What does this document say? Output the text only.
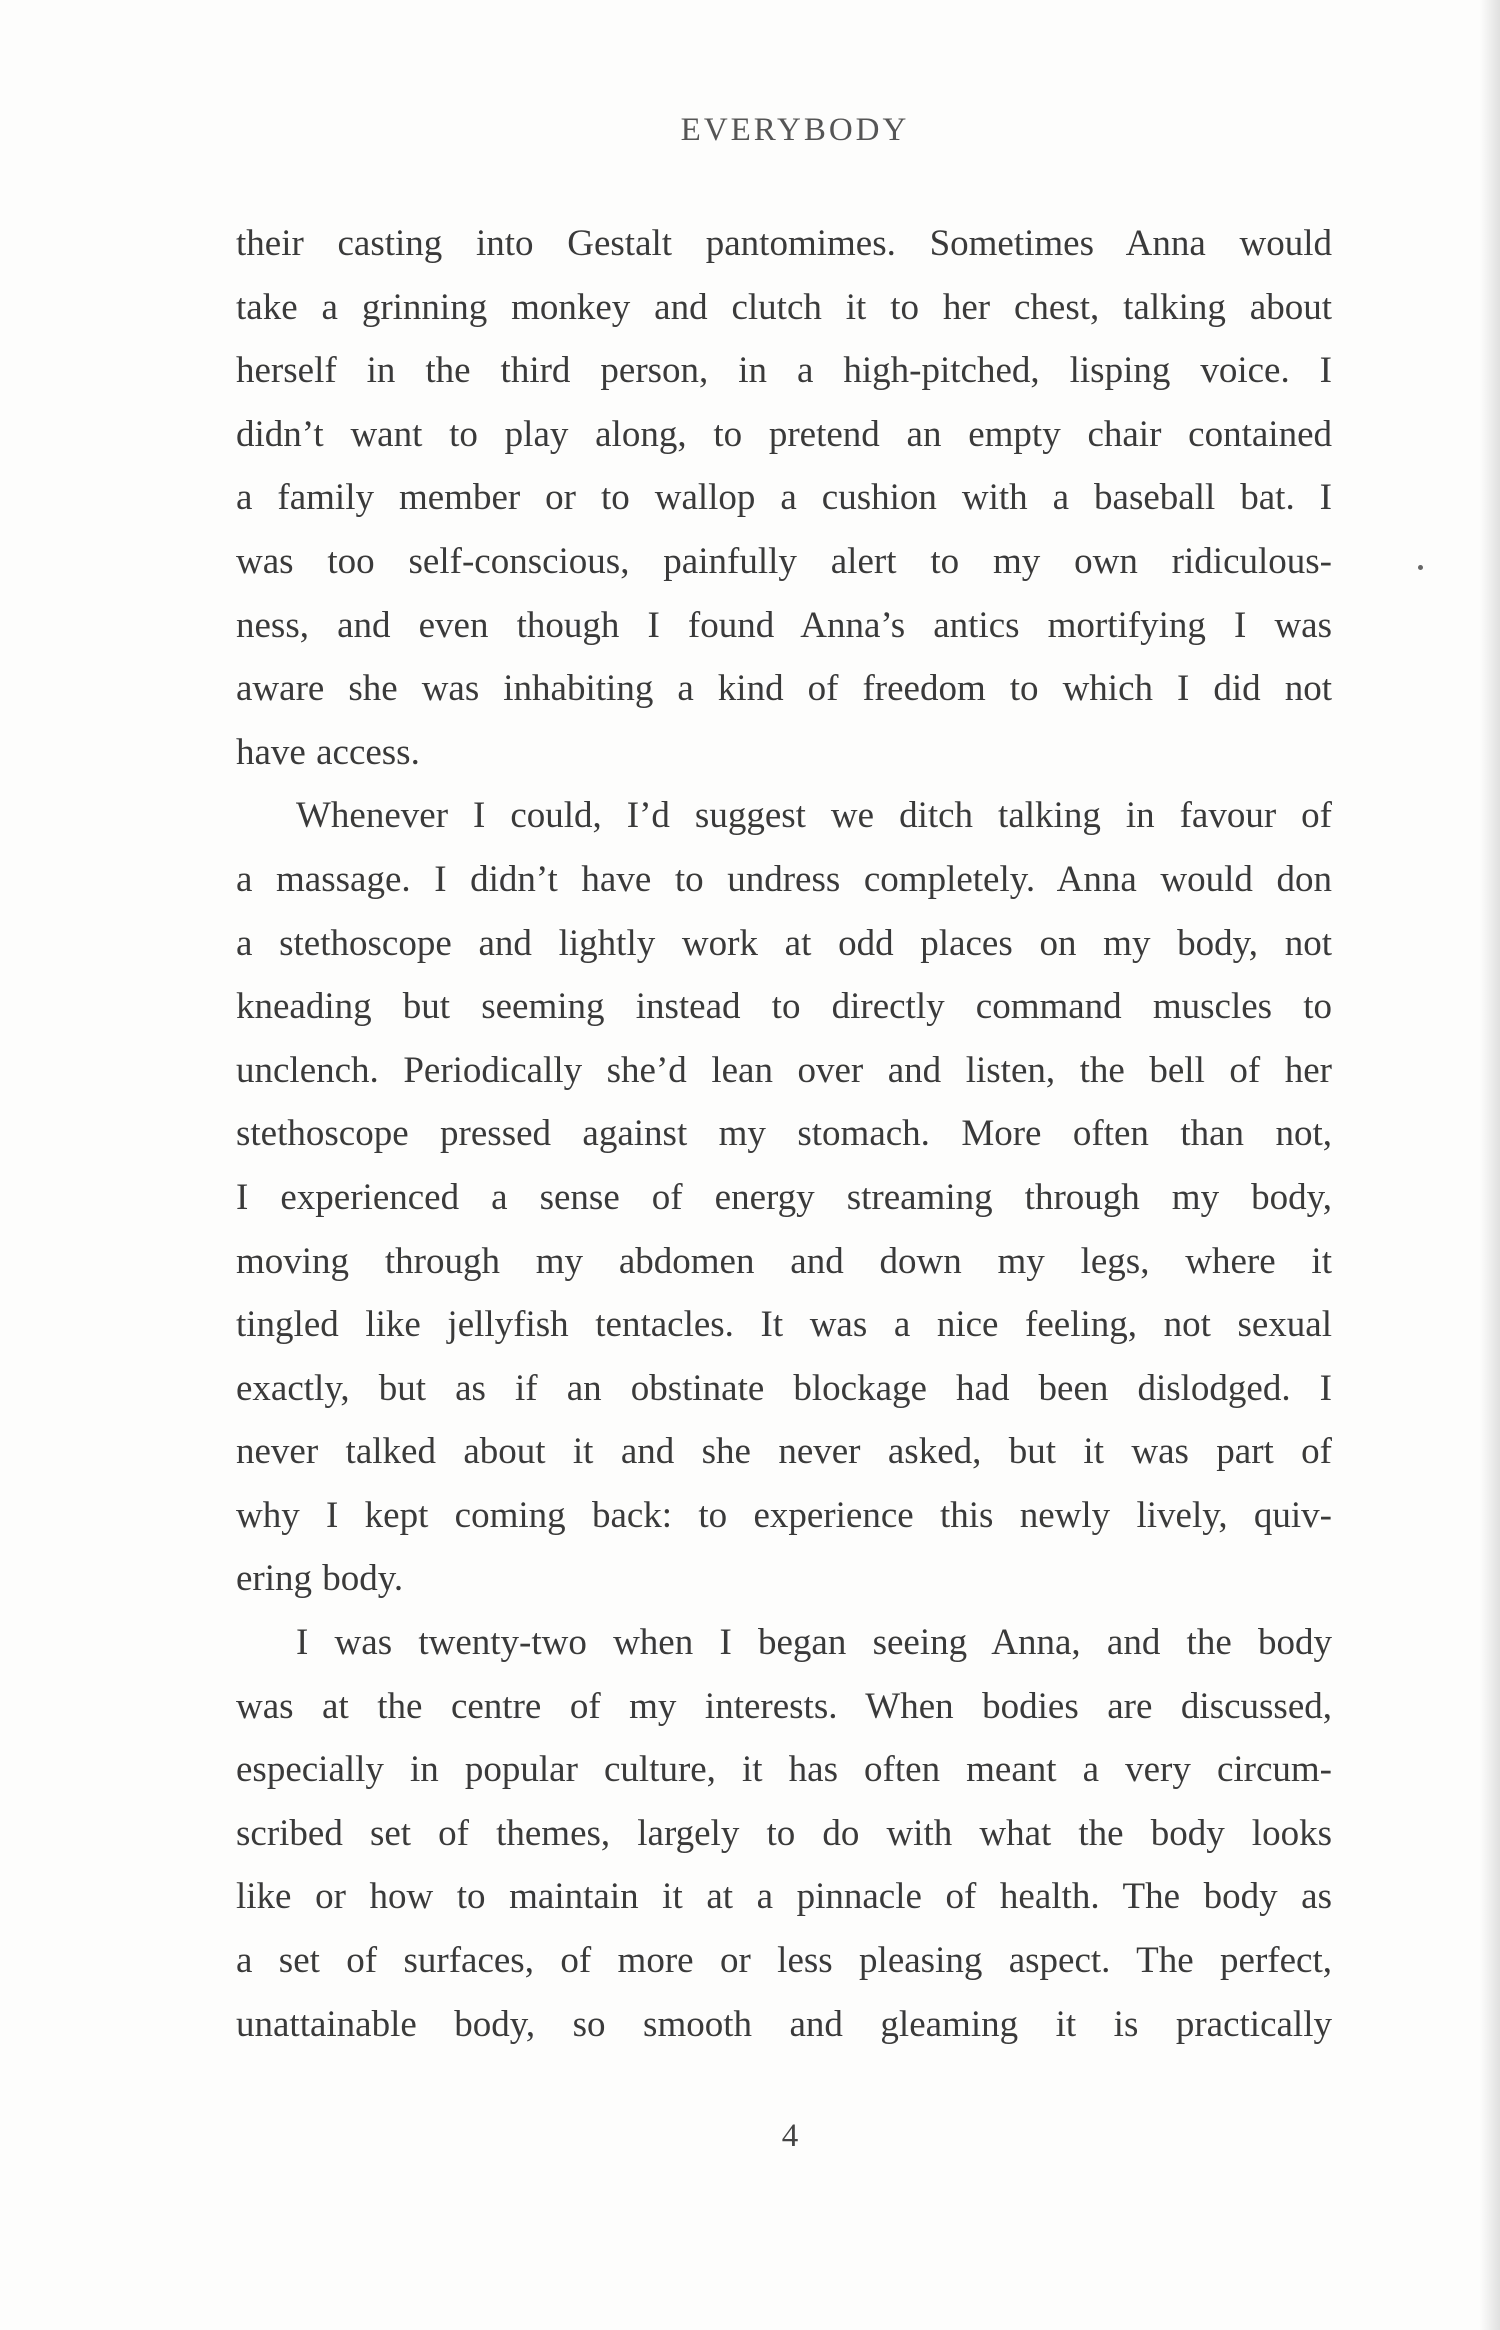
EVERYBODY
their casting into Gestalt pantomimes. Sometimes Anna would
take a grinning monkey and clutch it to her chest, talking about
herself in the third person, in a high-pitched, lisping voice. I
didn’t want to play along, to pretend an empty chair contained
a family member or to wallop a cushion with a baseball bat. I
was too self-conscious, painfully alert to my own ridiculous-
ness, and even though I found Anna’s antics mortifying I was
aware she was inhabiting a kind of freedom to which I did not
have access.
Whenever I could, I’d suggest we ditch talking in favour of
a massage. I didn’t have to undress completely. Anna would don
a stethoscope and lightly work at odd places on my body, not
kneading but seeming instead to directly command muscles to
unclench. Periodically she’d lean over and listen, the bell of her
stethoscope pressed against my stomach. More often than not,
I experienced a sense of energy streaming through my body,
moving through my abdomen and down my legs, where it
tingled like jellyfish tentacles. It was a nice feeling, not sexual
exactly, but as if an obstinate blockage had been dislodged. I
never talked about it and she never asked, but it was part of
why I kept coming back: to experience this newly lively, quiv-
ering body.
I was twenty-two when I began seeing Anna, and the body
was at the centre of my interests. When bodies are discussed,
especially in popular culture, it has often meant a very circum-
scribed set of themes, largely to do with what the body looks
like or how to maintain it at a pinnacle of health. The body as
a set of surfaces, of more or less pleasing aspect. The perfect,
unattainable body, so smooth and gleaming it is practically
4
